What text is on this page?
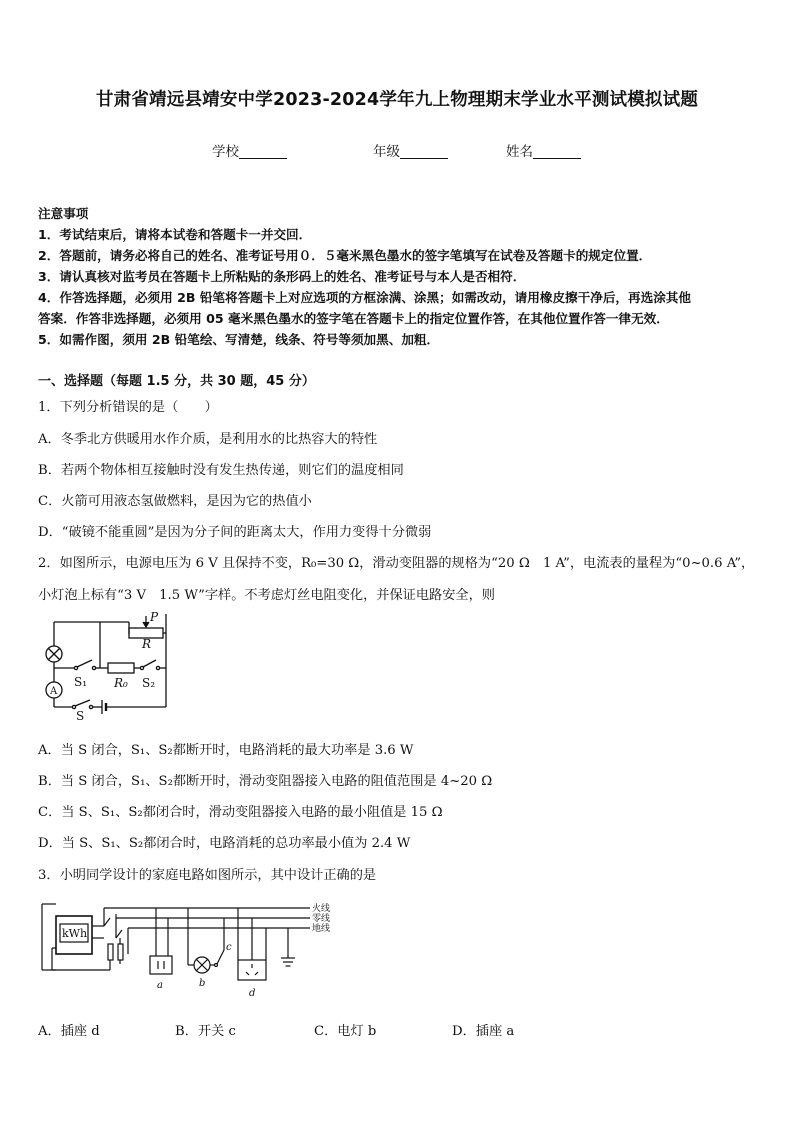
甘肃省靖远县靖安中学2023-2024学年九上物理期末学业水平测试模拟试题
学校	年级	姓名
注意事项
1．考试结束后，请将本试卷和答题卡一并交回．
2．答题前，请务必将自己的姓名、准考证号用０．５毫米黑色墨水的签字笔填写在试卷及答题卡的规定位置．
3．请认真核对监考员在答题卡上所粘贴的条形码上的姓名、准考证号与本人是否相符．
4．作答选择题，必须用 2B 铅笔将答题卡上对应选项的方框涂满、涂黑；如需改动，请用橡皮擦干净后，再选涂其他
答案．作答非选择题，必须用 05 毫米黑色墨水的签字笔在答题卡上的指定位置作答，在其他位置作答一律无效．
5．如需作图，须用 2B 铅笔绘、写清楚，线条、符号等须加黑、加粗．
一、选择题（每题 1.5 分，共 30 题，45 分）
1．下列分析错误的是（　　）
A．冬季北方供暖用水作介质，是利用水的比热容大的特性
B．若两个物体相互接触时没有发生热传递，则它们的温度相同
C．火箭可用液态氢做燃料，是因为它的热值小
D．“破镜不能重圆”是因为分子间的距离太大，作用力变得十分微弱
2．如图所示，电源电压为 6 V 且保持不变，R₀=30 Ω，滑动变阻器的规格为“20 Ω　1 A”，电流表的量程为“0~0.6 A”，
小灯泡上标有“3 V　1.5 W”字样。不考虑灯丝电阻变化，并保证电路安全，则
R
P
S₁ R₀ S₂
A
S
A．当 S 闭合，S₁、S₂都断开时，电路消耗的最大功率是 3.6 W
B．当 S 闭合，S₁、S₂都断开时，滑动变阻器接入电路的阻值范围是 4~20 Ω
C．当 S、S₁、S₂都闭合时，滑动变阻器接入电路的最小阻值是 15 Ω
D．当 S、S₁、S₂都闭合时，电路消耗的总功率最小值为 2.4 W
3．小明同学设计的家庭电路如图所示，其中设计正确的是
kWh
火线
零线
地线
a	b
c
d
A．插座 d	B．开关 c	C．电灯 b	D．插座 a
